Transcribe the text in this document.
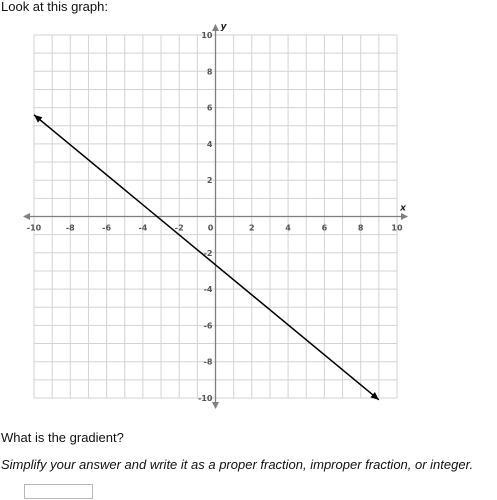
Look at this graph:
x
y
-10	-8	-6	-4	-2	0	2	4	6	8	10
-10
-8
-6
-4
-2
2
4
6
8
10
What is the gradient?
Simplify your answer and write it as a proper fraction, improper fraction, or integer.
